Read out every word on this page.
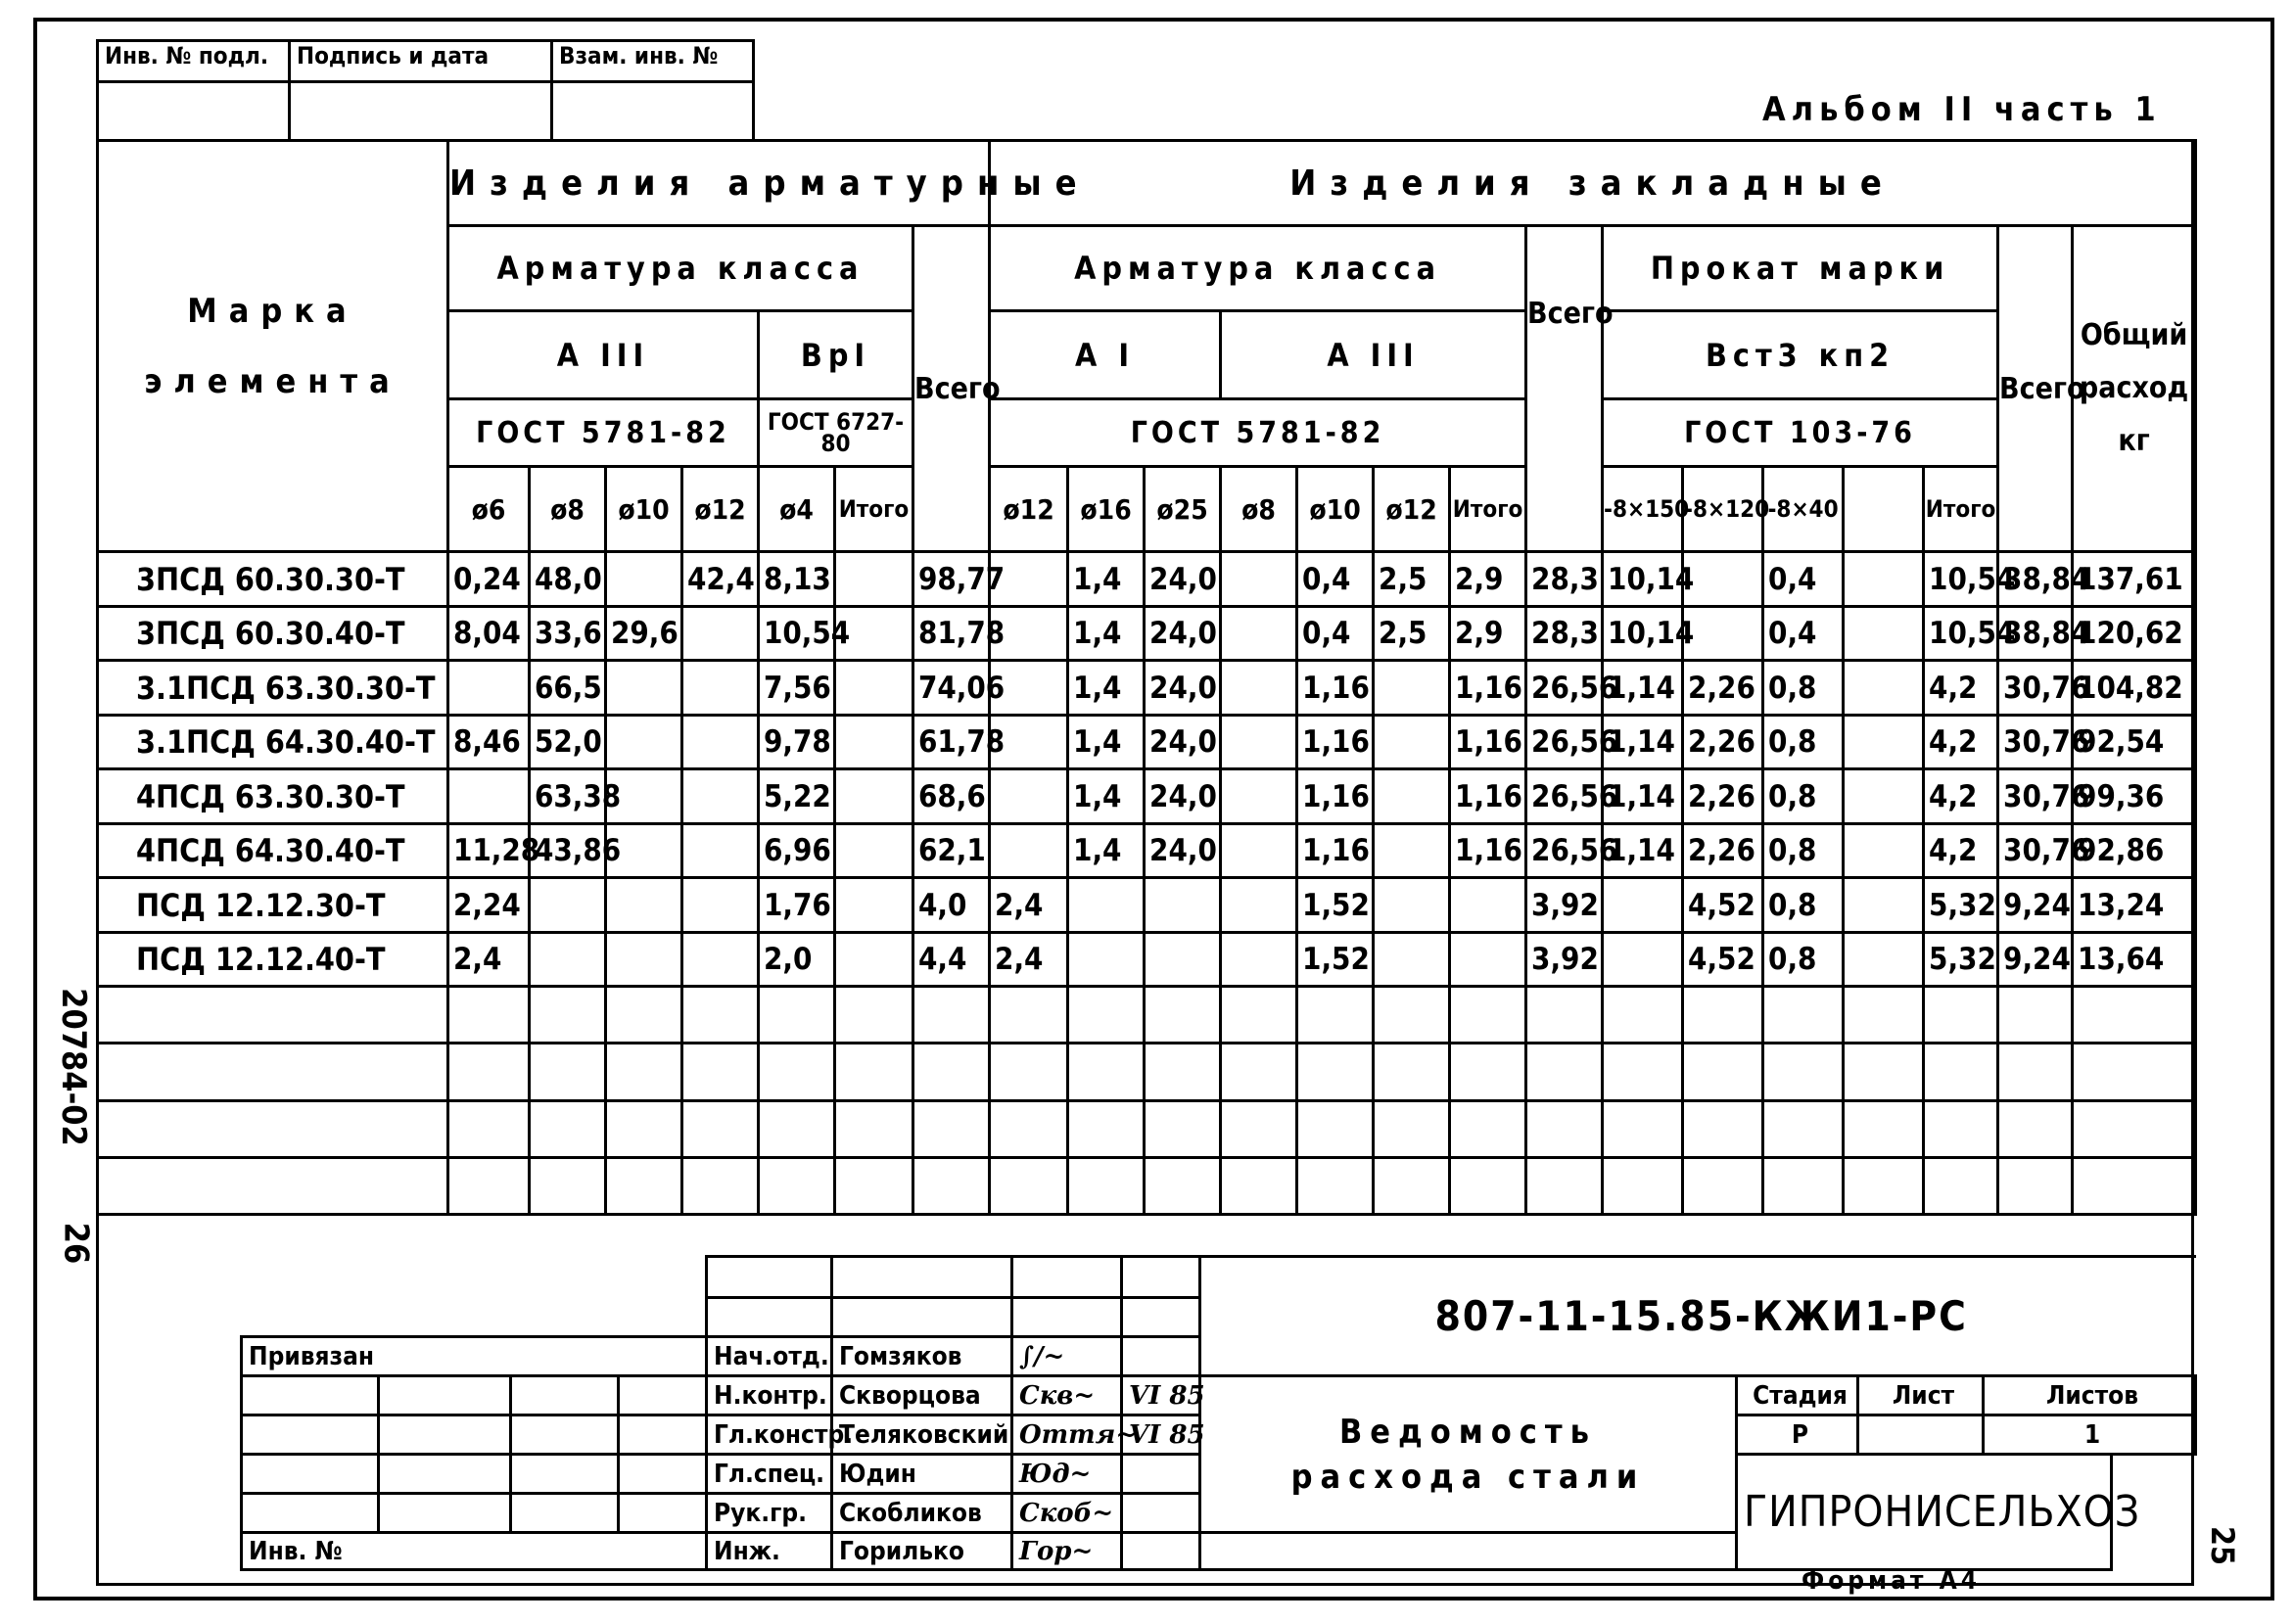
Инв. № подл.	Подпись и дата	Взам. инв. №

Альбом II часть 1
Марка элемента	Изделия арматурные							Изделия закладные														
	Арматура класса						Всего	Арматура класса							Всего	Прокат марки					Всего	Общий расход кг
	А III				ВрI			А I			А III					Вст3 кп2						
	ГОСТ 5781-82				ГОСТ 6727-80			ГОСТ 5781-82								ГОСТ 103-76						
	ø6	ø8	ø10	ø12	ø4	Итого		ø12	ø16	ø25	ø8	ø10	ø12	Итого		-8×150	-8×120	-8×40		Итого		
3ПСД 60.30.30-Т	0,24	48,0		42,4	8,13		98,77		1,4	24,0		0,4	2,5	2,9	28,3	10,14		0,4		10,54	38,84	137,61
3ПСД 60.30.40-Т	8,04	33,6	29,6		10,54		81,78		1,4	24,0		0,4	2,5	2,9	28,3	10,14		0,4		10,54	38,84	120,62
3.1ПСД 63.30.30-Т		66,5			7,56		74,06		1,4	24,0		1,16		1,16	26,56	1,14	2,26	0,8		4,2	30,76	104,82
3.1ПСД 64.30.40-Т	8,46	52,0			9,78		61,78		1,4	24,0		1,16		1,16	26,56	1,14	2,26	0,8		4,2	30,76	92,54
4ПСД 63.30.30-Т		63,38			5,22		68,6		1,4	24,0		1,16		1,16	26,56	1,14	2,26	0,8		4,2	30,76	99,36
4ПСД 64.30.40-Т	11,28	43,86			6,96		62,1		1,4	24,0		1,16		1,16	26,56	1,14	2,26	0,8		4,2	30,76	92,86
ПСД 12.12.30-Т	2,24				1,76		4,0	2,4				1,52			3,92		4,52	0,8		5,32	9,24	13,24
ПСД 12.12.40-Т	2,4				2,0		4,4	2,4				1,52			3,92		4,52	0,8		5,32	9,24	13,64

20784-02
26
								807-11-15.85-КЖИ1-РС				

Привязан				Нач.отд.	Гомзяков	∫∕~						
				Н.контр.	Скворцова	Скв~	VI 85	Ведомость расхода стали	Стадия	Лист	Листов	
				Гл.констр.	Теляковский	Оття~	VI 85		Р		1	
				Гл.спец.	Юдин	Юд~			ГИПРОНИСЕЛЬХОЗ			
				Рук.гр.	Скобликов	Скоб~						
Инв. №				Инж.	Горилько	Гор~						
Формат А4
25
